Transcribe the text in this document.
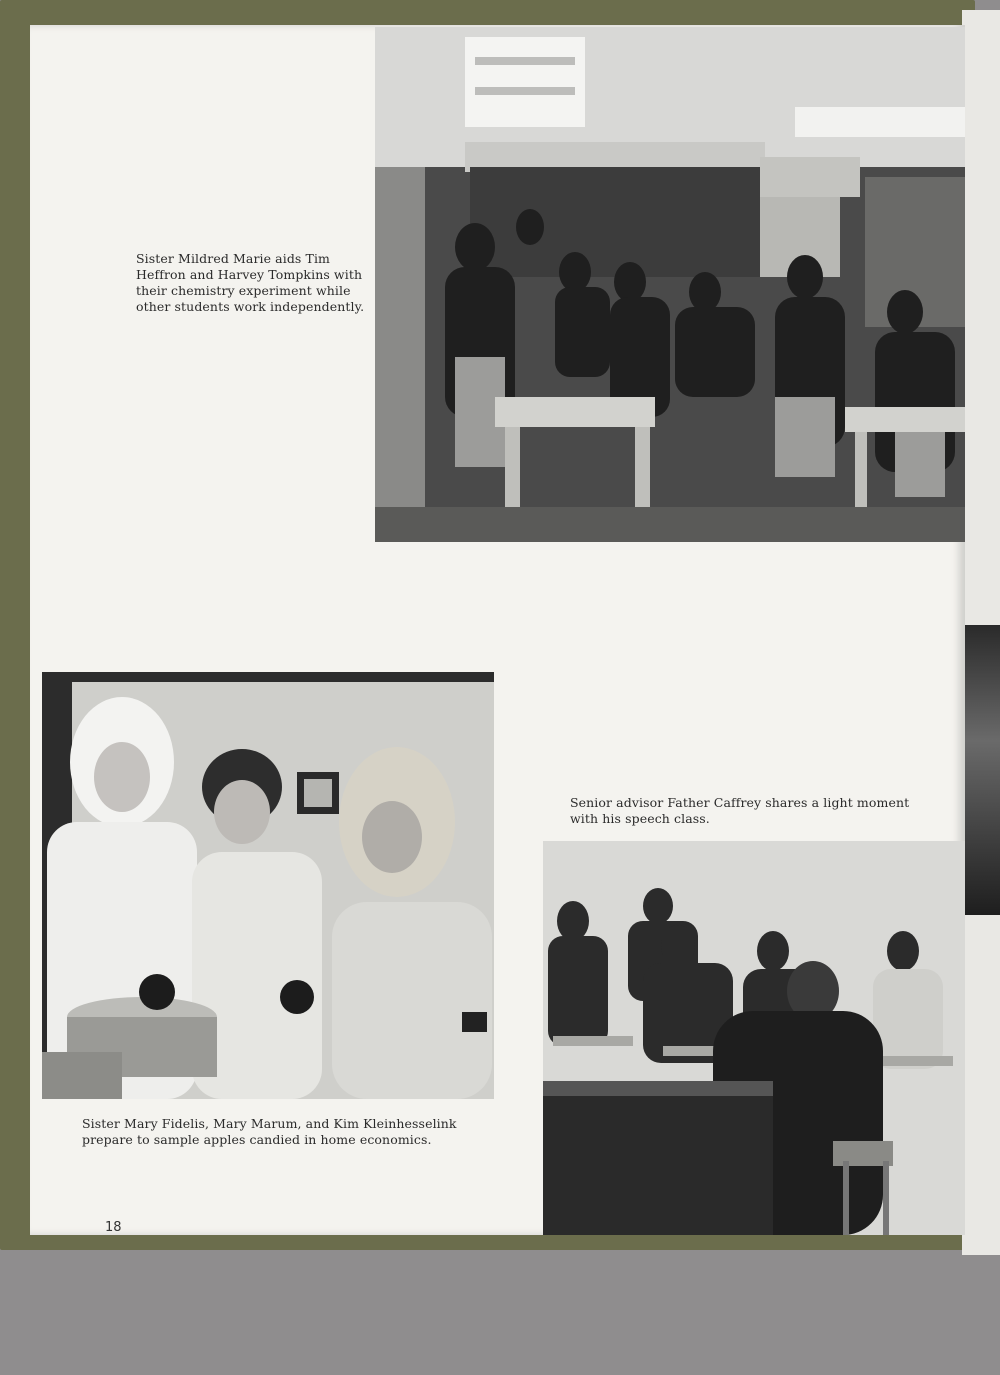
Sister Mildred Marie aids Tim
Heffron and Harvey Tompkins with
their chemistry experiment while
other students work independently.

Sister Mary Fidelis, Mary Marum, and Kim Kleinhesselink
prepare to sample apples candied in home economics.

Senior advisor Father Caffrey shares a light moment
with his speech class.

18
